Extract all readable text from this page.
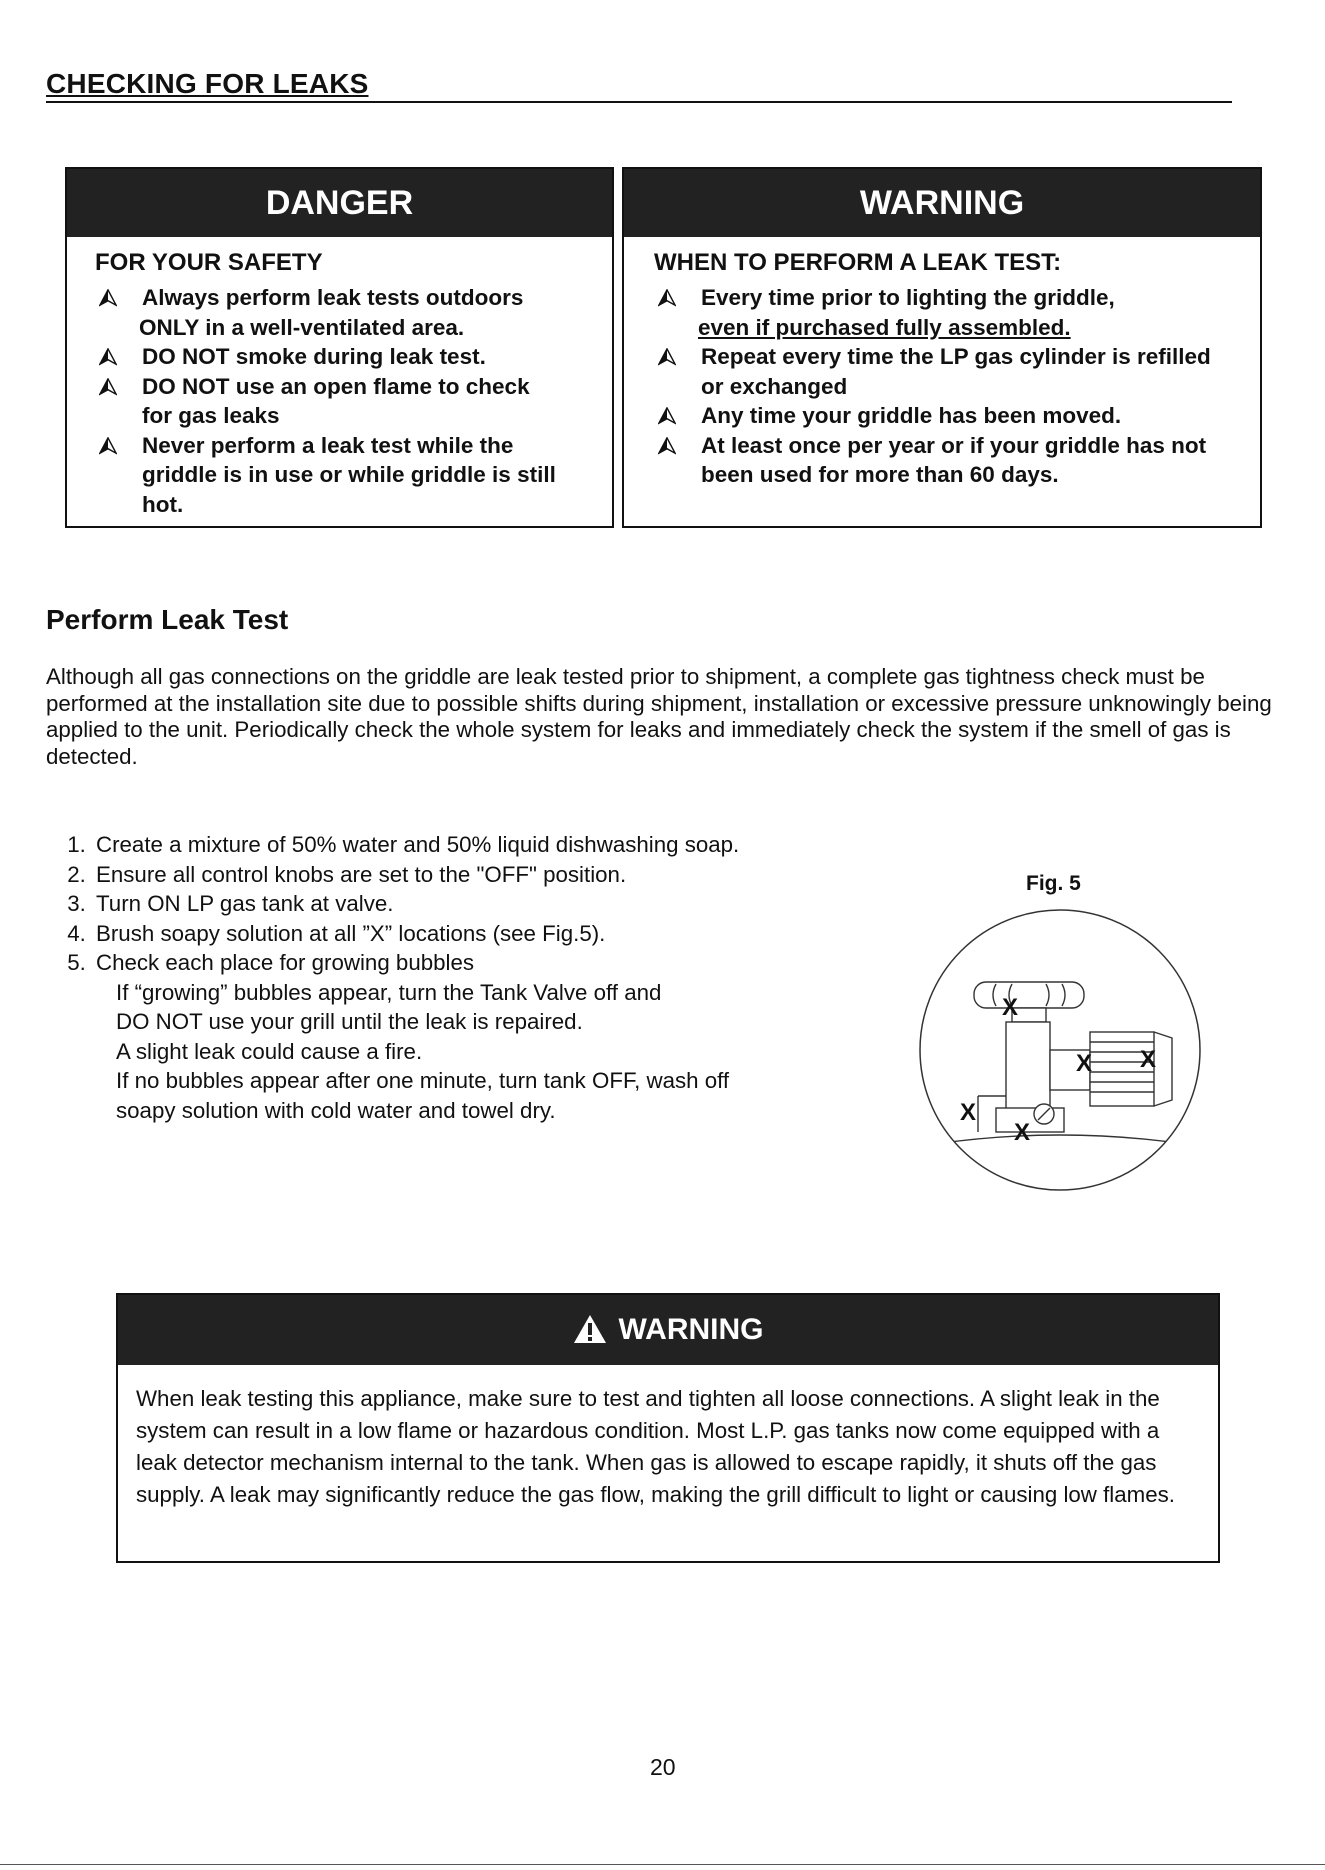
CHECKING FOR LEAKS
DANGER
FOR YOUR SAFETY
Always perform leak tests outdoors
ONLY in a well-ventilated area.
DO NOT smoke during leak test.
DO NOT use an open flame to check
for gas leaks
Never perform a leak test while the
griddle is in use or while griddle is still
hot.
WARNING
WHEN TO PERFORM A LEAK TEST:
Every time prior to lighting the griddle,
even if purchased fully assembled.
Repeat every time the LP gas cylinder is refilled
or exchanged
Any time your griddle has been moved.
At least once per year or if your griddle has not
been used for more than 60 days.
Perform Leak Test
Although all gas connections on the griddle are leak tested prior to shipment, a complete gas tightness check must be performed at the installation site due to possible shifts during shipment, installation or excessive pressure unknowingly being applied to the unit. Periodically check the whole system for leaks and immediately check the system if the smell of gas is detected.
1. Create a mixture of 50% water and 50% liquid dishwashing soap.
2. Ensure all control knobs are set to the "OFF" position.
3. Turn ON LP gas tank at valve.
4. Brush soapy solution at all ”X” locations (see Fig.5).
5. Check each place for growing bubbles
If “growing” bubbles appear, turn the Tank Valve off and
DO NOT use your grill until the leak is repaired.
A slight leak could cause a fire.
If no bubbles appear after one minute, turn tank OFF, wash off
soapy solution with cold water and towel dry.
Fig. 5
X
X X
X
X
WARNING
When leak testing this appliance, make sure to test and tighten all loose connections. A slight leak in the system can result in a low flame or hazardous condition. Most L.P. gas tanks now come equipped with a leak detector mechanism internal to the tank. When gas is allowed to escape rapidly, it shuts off the gas supply. A leak may significantly reduce the gas flow, making the grill difficult to light or causing low flames.
20
